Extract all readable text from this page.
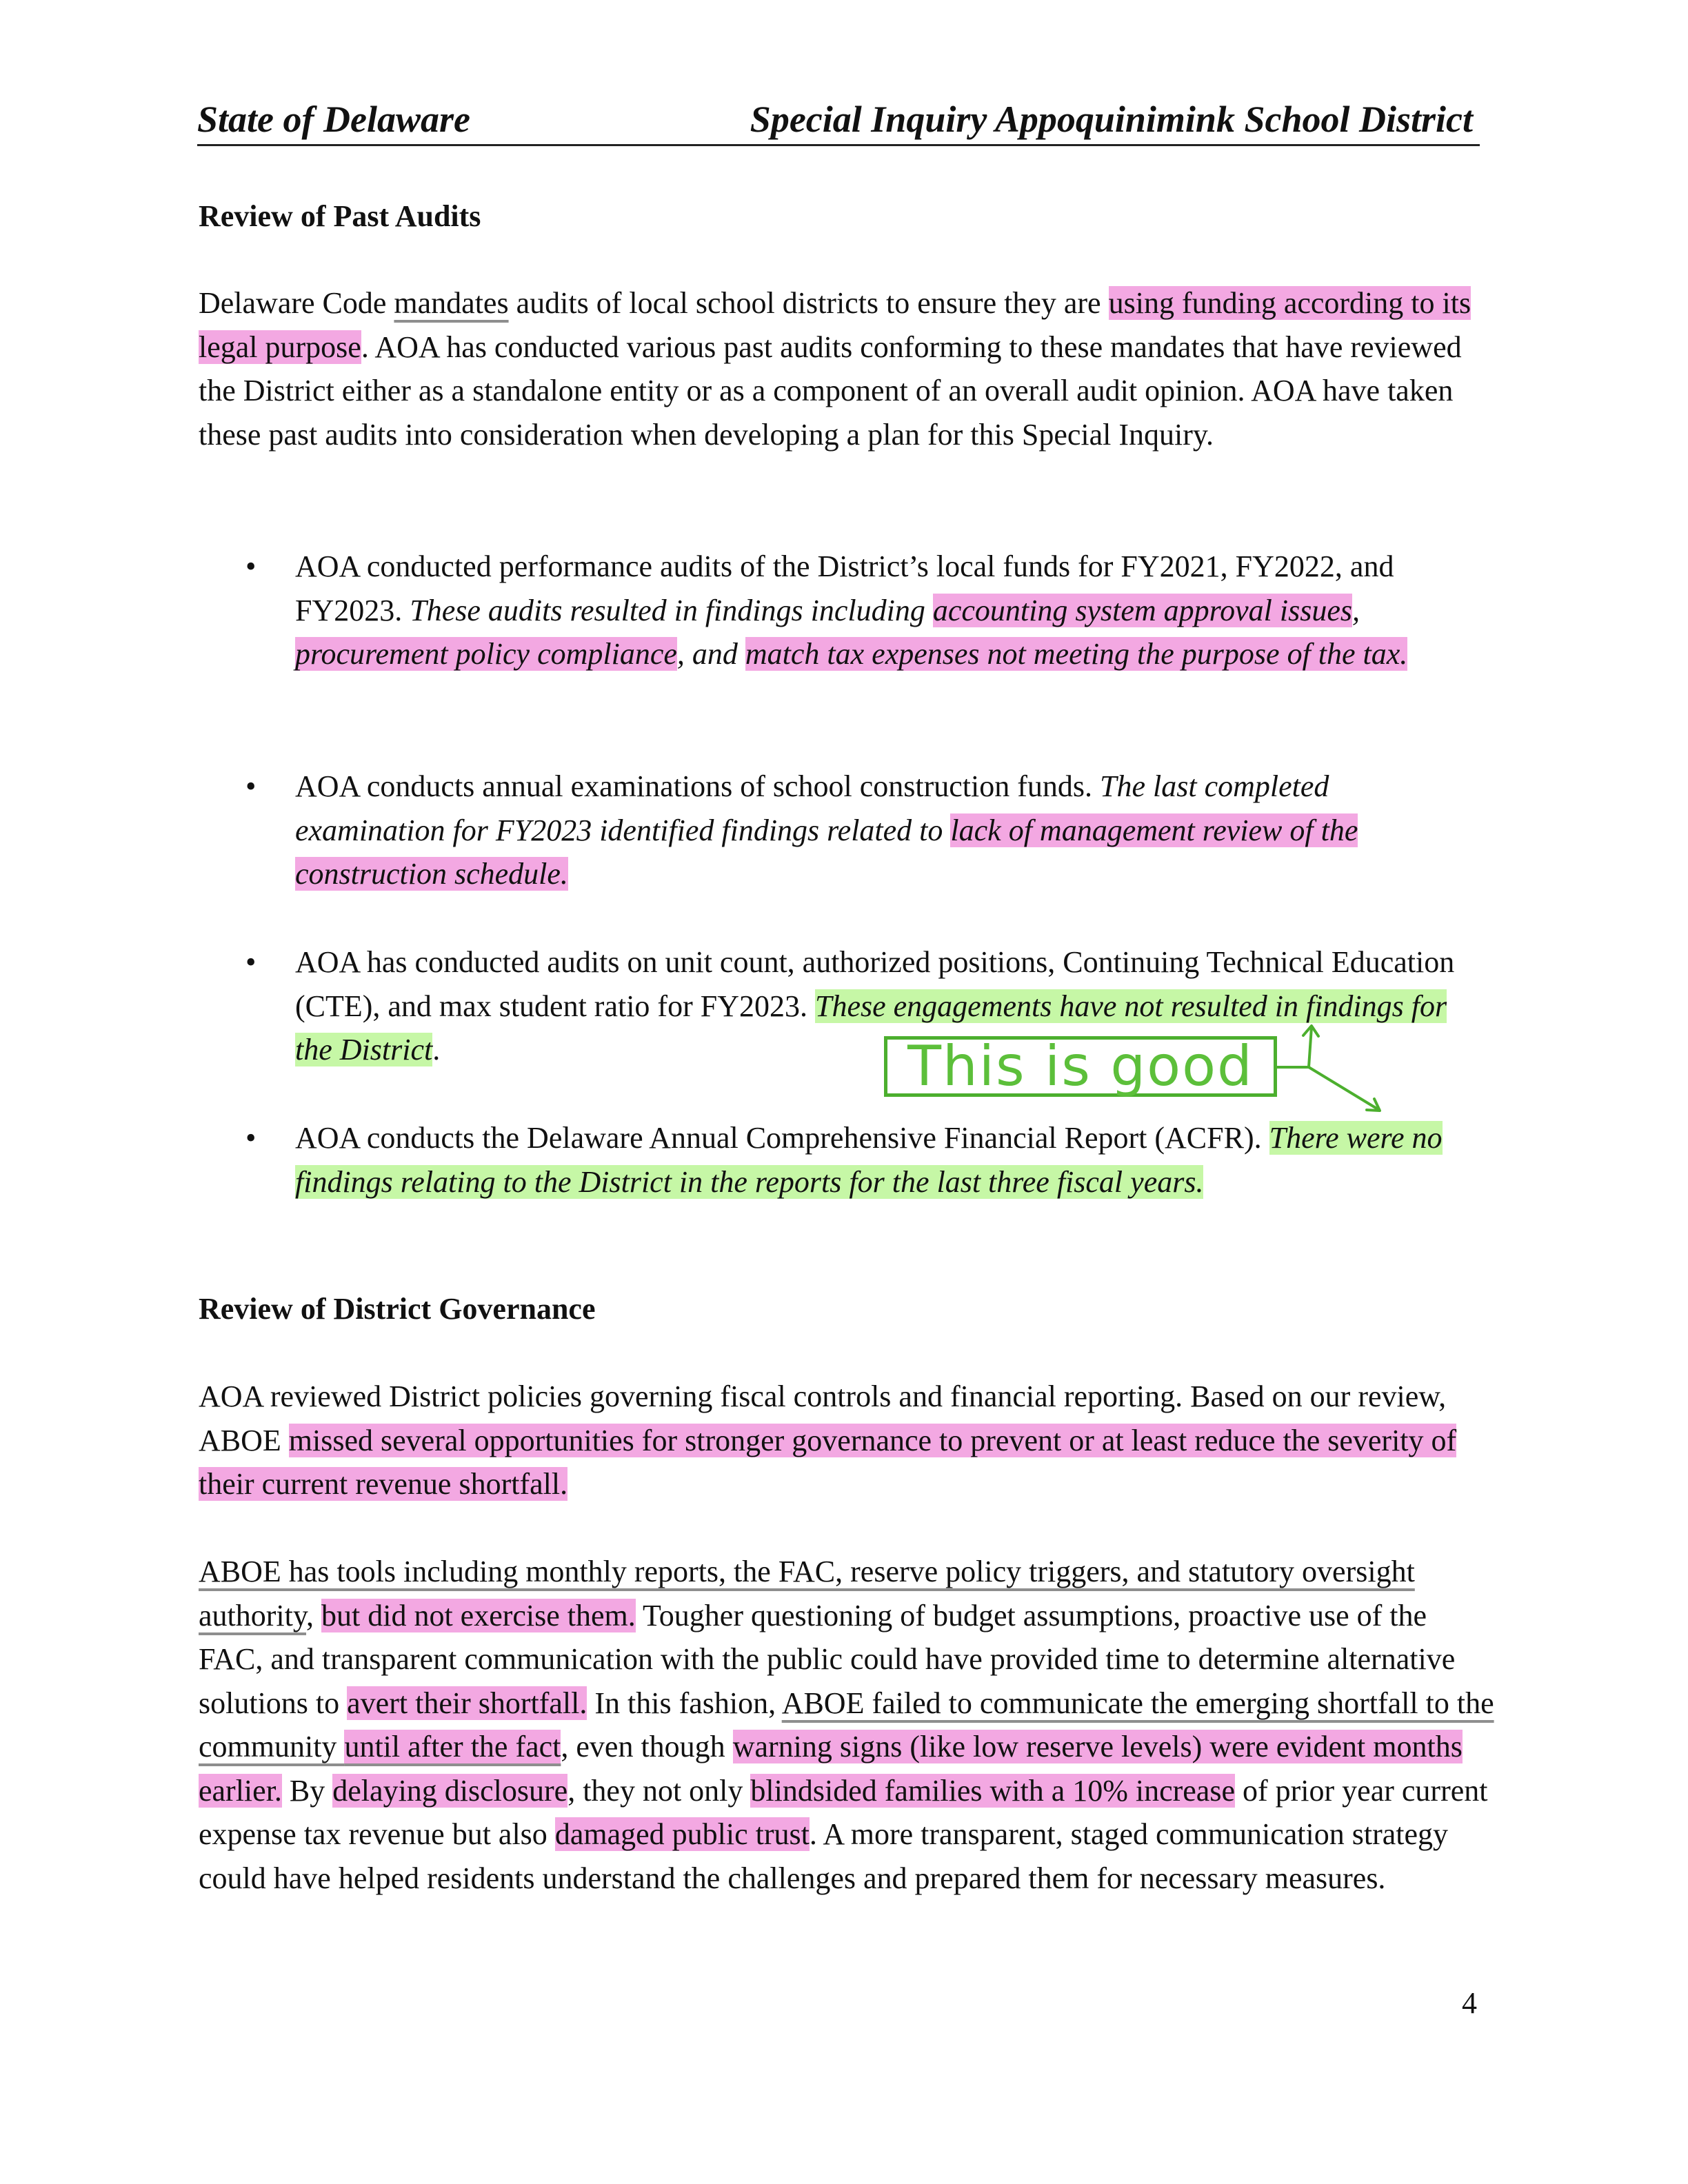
State of Delaware	Special Inquiry Appoquinimink School District
Review of Past Audits

Delaware Code mandates audits of local school districts to ensure they are using funding according to its legal purpose. AOA has conducted various past audits conforming to these mandates that have reviewed the District either as a standalone entity or as a component of an overall audit opinion. AOA have taken these past audits into consideration when developing a plan for this Special Inquiry.

• AOA conducted performance audits of the District’s local funds for FY2021, FY2022, and FY2023. These audits resulted in findings including accounting system approval issues, procurement policy compliance, and match tax expenses not meeting the purpose of the tax.
• AOA conducts annual examinations of school construction funds. The last completed examination for FY2023 identified findings related to lack of management review of the construction schedule.
• AOA has conducted audits on unit count, authorized positions, Continuing Technical Education (CTE), and max student ratio for FY2023. These engagements have not resulted in findings for the District.	This is good
• AOA conducts the Delaware Annual Comprehensive Financial Report (ACFR). There were no findings relating to the District in the reports for the last three fiscal years.
Review of District Governance

AOA reviewed District policies governing fiscal controls and financial reporting. Based on our review, ABOE missed several opportunities for stronger governance to prevent or at least reduce the severity of their current revenue shortfall.

ABOE has tools including monthly reports, the FAC, reserve policy triggers, and statutory oversight authority, but did not exercise them. Tougher questioning of budget assumptions, proactive use of the FAC, and transparent communication with the public could have provided time to determine alternative solutions to avert their shortfall. In this fashion, ABOE failed to communicate the emerging shortfall to the community until after the fact, even though warning signs (like low reserve levels) were evident months earlier. By delaying disclosure, they not only blindsided families with a 10% increase of prior year current expense tax revenue but also damaged public trust. A more transparent, staged communication strategy could have helped residents understand the challenges and prepared them for necessary measures.

4
